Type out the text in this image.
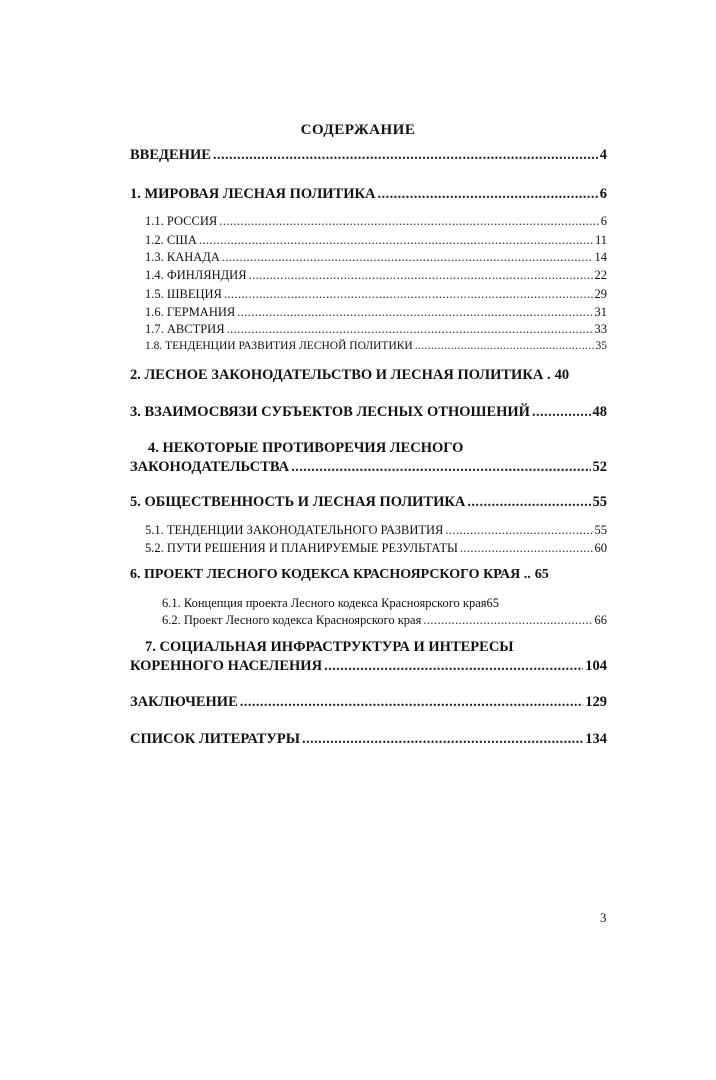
СОДЕРЖАНИЕ
ВВЕДЕНИЕ .....	4
1. МИРОВАЯ ЛЕСНАЯ ПОЛИТИКА .....	6
1.1. РОССИЯ .....	6
1.2. США .....	11
1.3. КАНАДА .....	14
1.4. ФИНЛЯНДИЯ .....	22
1.5. ШВЕЦИЯ .....	29
1.6. ГЕРМАНИЯ .....	31
1.7. АВСТРИЯ .....	33
1.8. ТЕНДЕНЦИИ РАЗВИТИЯ ЛЕСНОЙ ПОЛИТИКИ .....	35
2. ЛЕСНОЕ ЗАКОНОДАТЕЛЬСТВО И ЛЕСНАЯ ПОЛИТИКА . 40
3. ВЗАИМОСВЯЗИ СУБЪЕКТОВ ЛЕСНЫХ ОТНОШЕНИЙ .....	48
4. НЕКОТОРЫЕ ПРОТИВОРЕЧИЯ ЛЕСНОГО
ЗАКОНОДАТЕЛЬСТВА .....	52
5. ОБЩЕСТВЕННОСТЬ И ЛЕСНАЯ ПОЛИТИКА .....	55
5.1. ТЕНДЕНЦИИ ЗАКОНОДАТЕЛЬНОГО РАЗВИТИЯ .....	55
5.2. ПУТИ РЕШЕНИЯ И ПЛАНИРУЕМЫЕ РЕЗУЛЬТАТЫ .....	60
6. ПРОЕКТ ЛЕСНОГО КОДЕКСА КРАСНОЯРСКОГО КРАЯ .. 65
6.1. Концепция проекта Лесного кодекса Красноярского края 65
6.2. Проект Лесного кодекса Красноярского края .....	66
7. СОЦИАЛЬНАЯ ИНФРАСТРУКТУРА И ИНТЕРЕСЫ
КОРЕННОГО НАСЕЛЕНИЯ .....	104
ЗАКЛЮЧЕНИЕ .....	129
СПИСОК ЛИТЕРАТУРЫ .....	134
3
